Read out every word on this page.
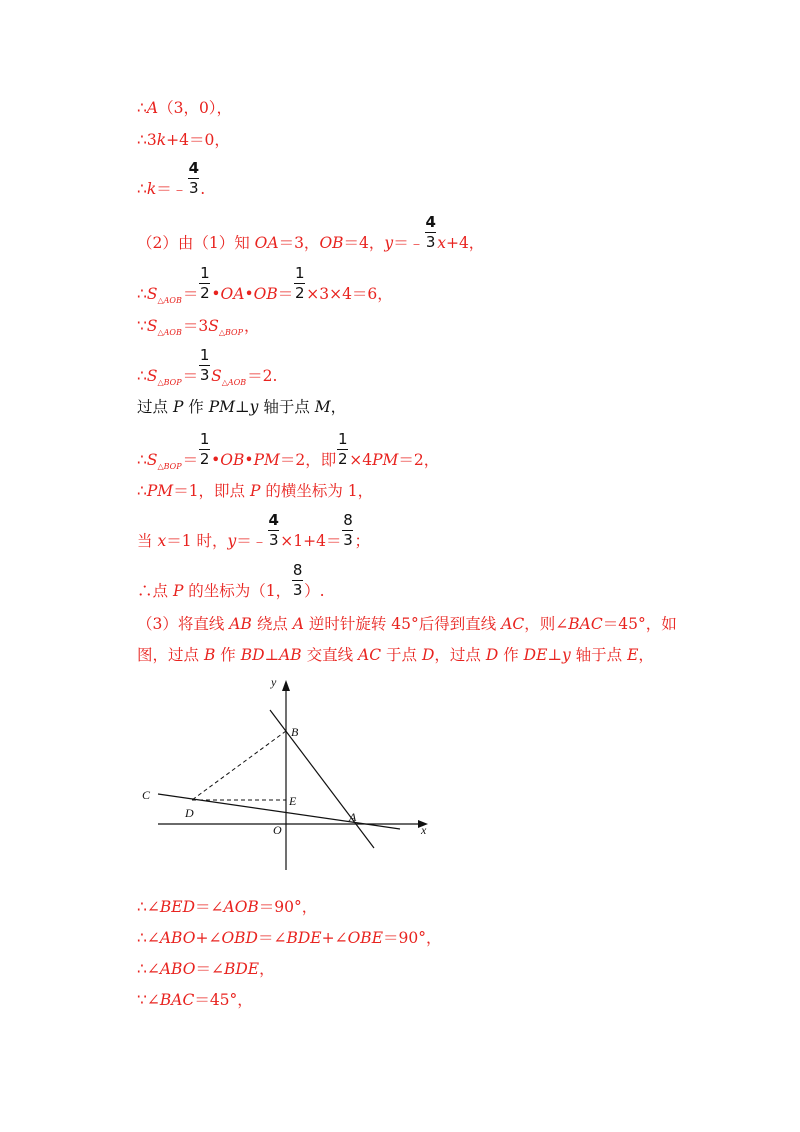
∴A（3，0），
∴3k+4＝0，
∴k＝﹣ $\frac{4}{3}$ .
（2）由（1）知 OA＝3，OB＝4，y＝﹣ $\frac{4}{3} x+4$，
$\therefore S_{\triangle AOB}= \frac{1}{2}$ •OA•OB＝ $\frac{1}{2} \times 3\times 4=6$，
$\because S_{\triangle AOB}=3S_{\triangle BOP}$，
$\therefore S_{\triangle BOP}= \frac{1}{3} S_{\triangle AOB}=2$.
过点 P 作 PM⊥y 轴于点 M，
$\therefore S_{\triangle BOP}= \frac{1}{2}$ •OB•PM＝2，即 $\frac{1}{2} \times 4PM=2$，
∴PM＝1，即点 P 的横坐标为 1，
当 x＝1 时，y＝﹣ $\frac{4}{3} \times 1+4= \frac{8}{3}$ ；
∴点 P 的坐标为（1， $\frac{8}{3}$ ）.
（3）将直线 AB 绕点 A 逆时针旋转 45°后得到直线 AC，则∠BAC＝45°，如
图，过点 B 作 BD⊥AB 交直线 AC 于点 D，过点 D 作 DE⊥y 轴于点 E，
y
x
B
C	E
D
O
A
∴∠BED＝∠AOB＝90°，
∴∠ABO+∠OBD＝∠BDE+∠OBE＝90°，
∴∠ABO＝∠BDE，
∵∠BAC＝45°，
